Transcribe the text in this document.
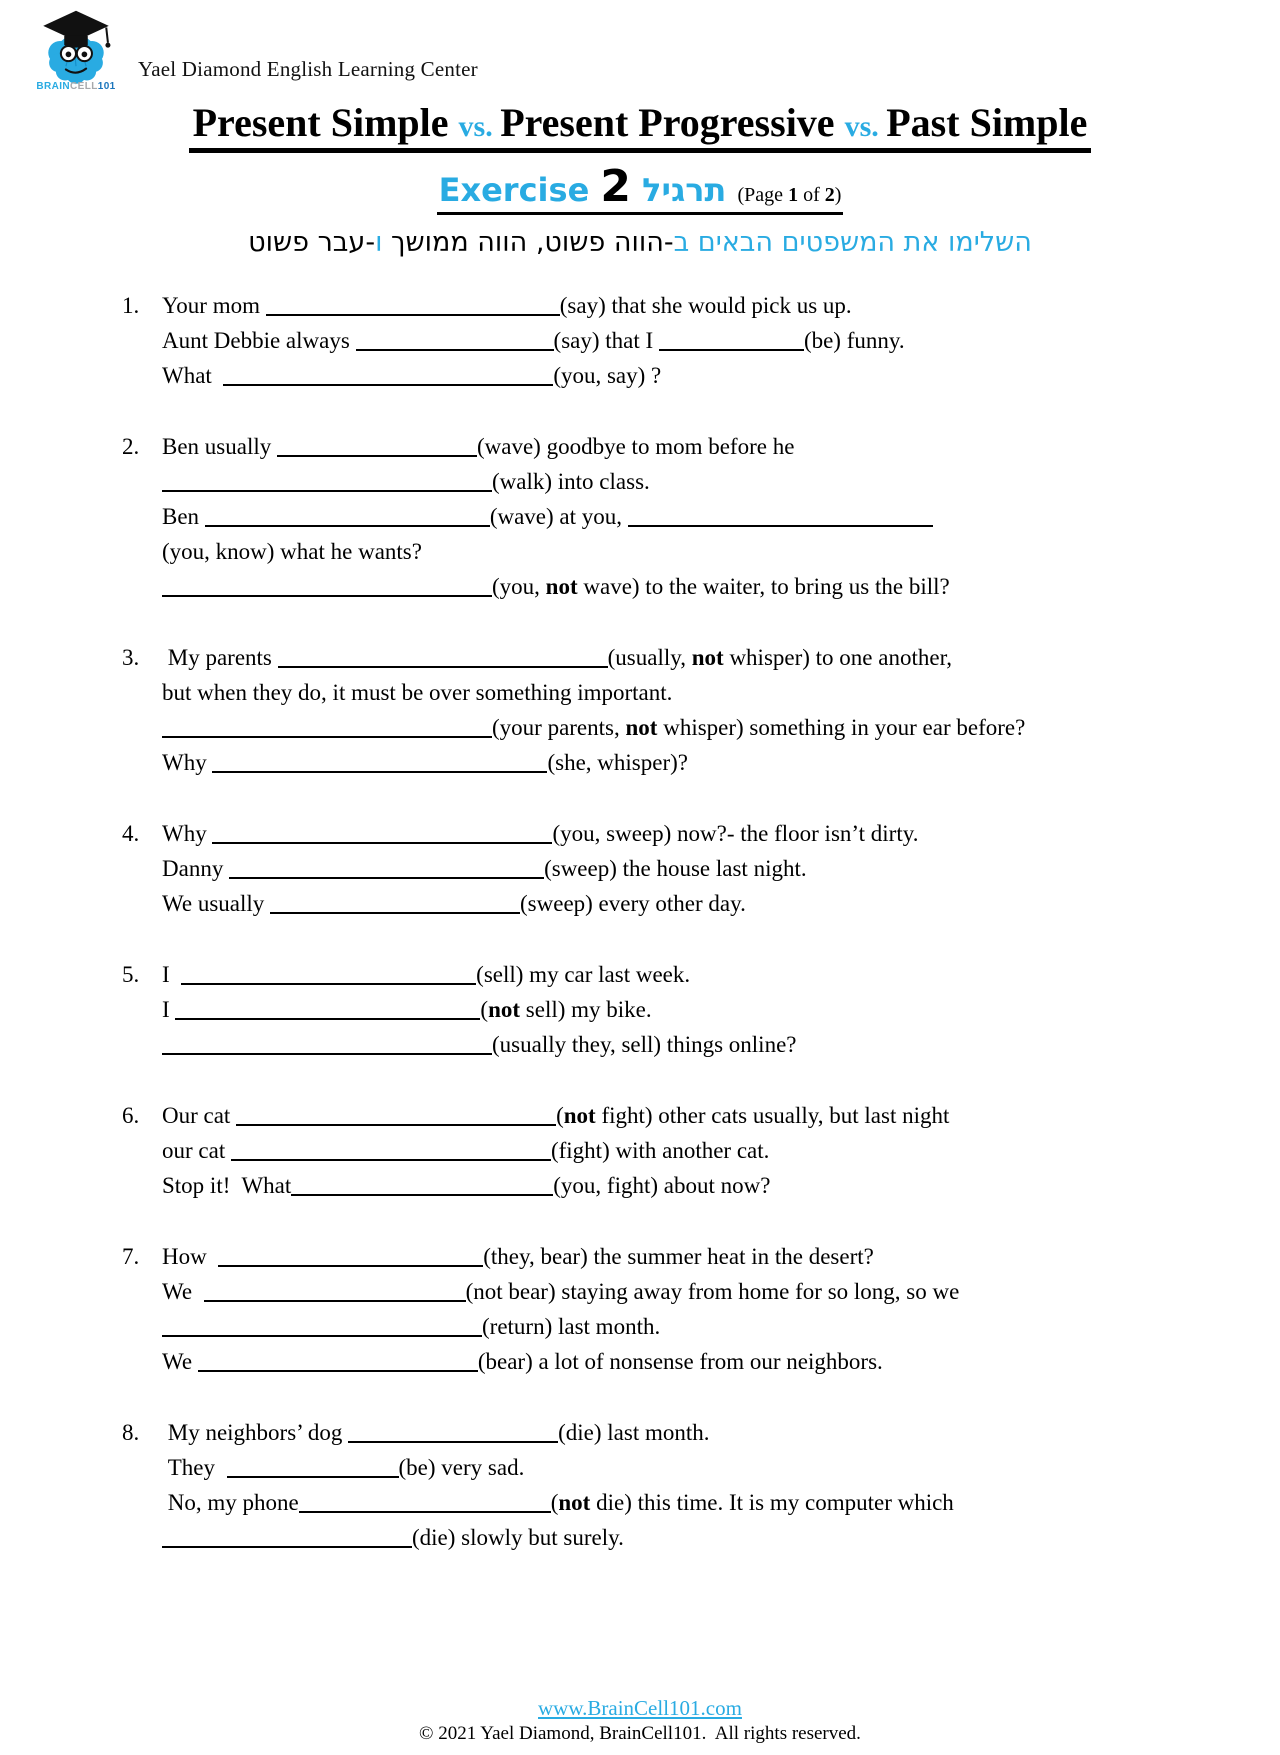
BRAINCELL101
Yael Diamond English Learning Center
Present Simple vs. Present Progressive vs. Past Simple
Exercise 2 תרגיל (Page 1 of 2)
השלימו את המשפטים הבאים ב-הווה פשוט, הווה ממושך ו-עבר פשוט
1. Your mom	(say) that she would pick us up.
Aunt Debbie always	(say) that I	(be) funny.
What	(you, say) ?
2. Ben usually	(wave) goodbye to mom before he
(walk) into class.
Ben	(wave) at you,
(you, know) what he wants?
(you, not wave) to the waiter, to bring us the bill?
3. My parents	(usually, not whisper) to one another,
but when they do, it must be over something important.
(your parents, not whisper) something in your ear before?
Why	(she, whisper)?
4. Why	(you, sweep) now?- the floor isn’t dirty.
Danny	(sweep) the house last night.
We usually	(sweep) every other day.
5. I	(sell) my car last week.
I	(not sell) my bike.
(usually they, sell) things online?
6. Our cat	(not fight) other cats usually, but last night
our cat	(fight) with another cat.
Stop it!  What	(you, fight) about now?
7. How	(they, bear) the summer heat in the desert?
We	(not bear) staying away from home for so long, so we
(return) last month.
We	(bear) a lot of nonsense from our neighbors.
8. My neighbors’ dog	(die) last month.
They	(be) very sad.
No, my phone	(not die) this time. It is my computer which
(die) slowly but surely.
www.BrainCell101.com
© 2021 Yael Diamond, BrainCell101.  All rights reserved.
